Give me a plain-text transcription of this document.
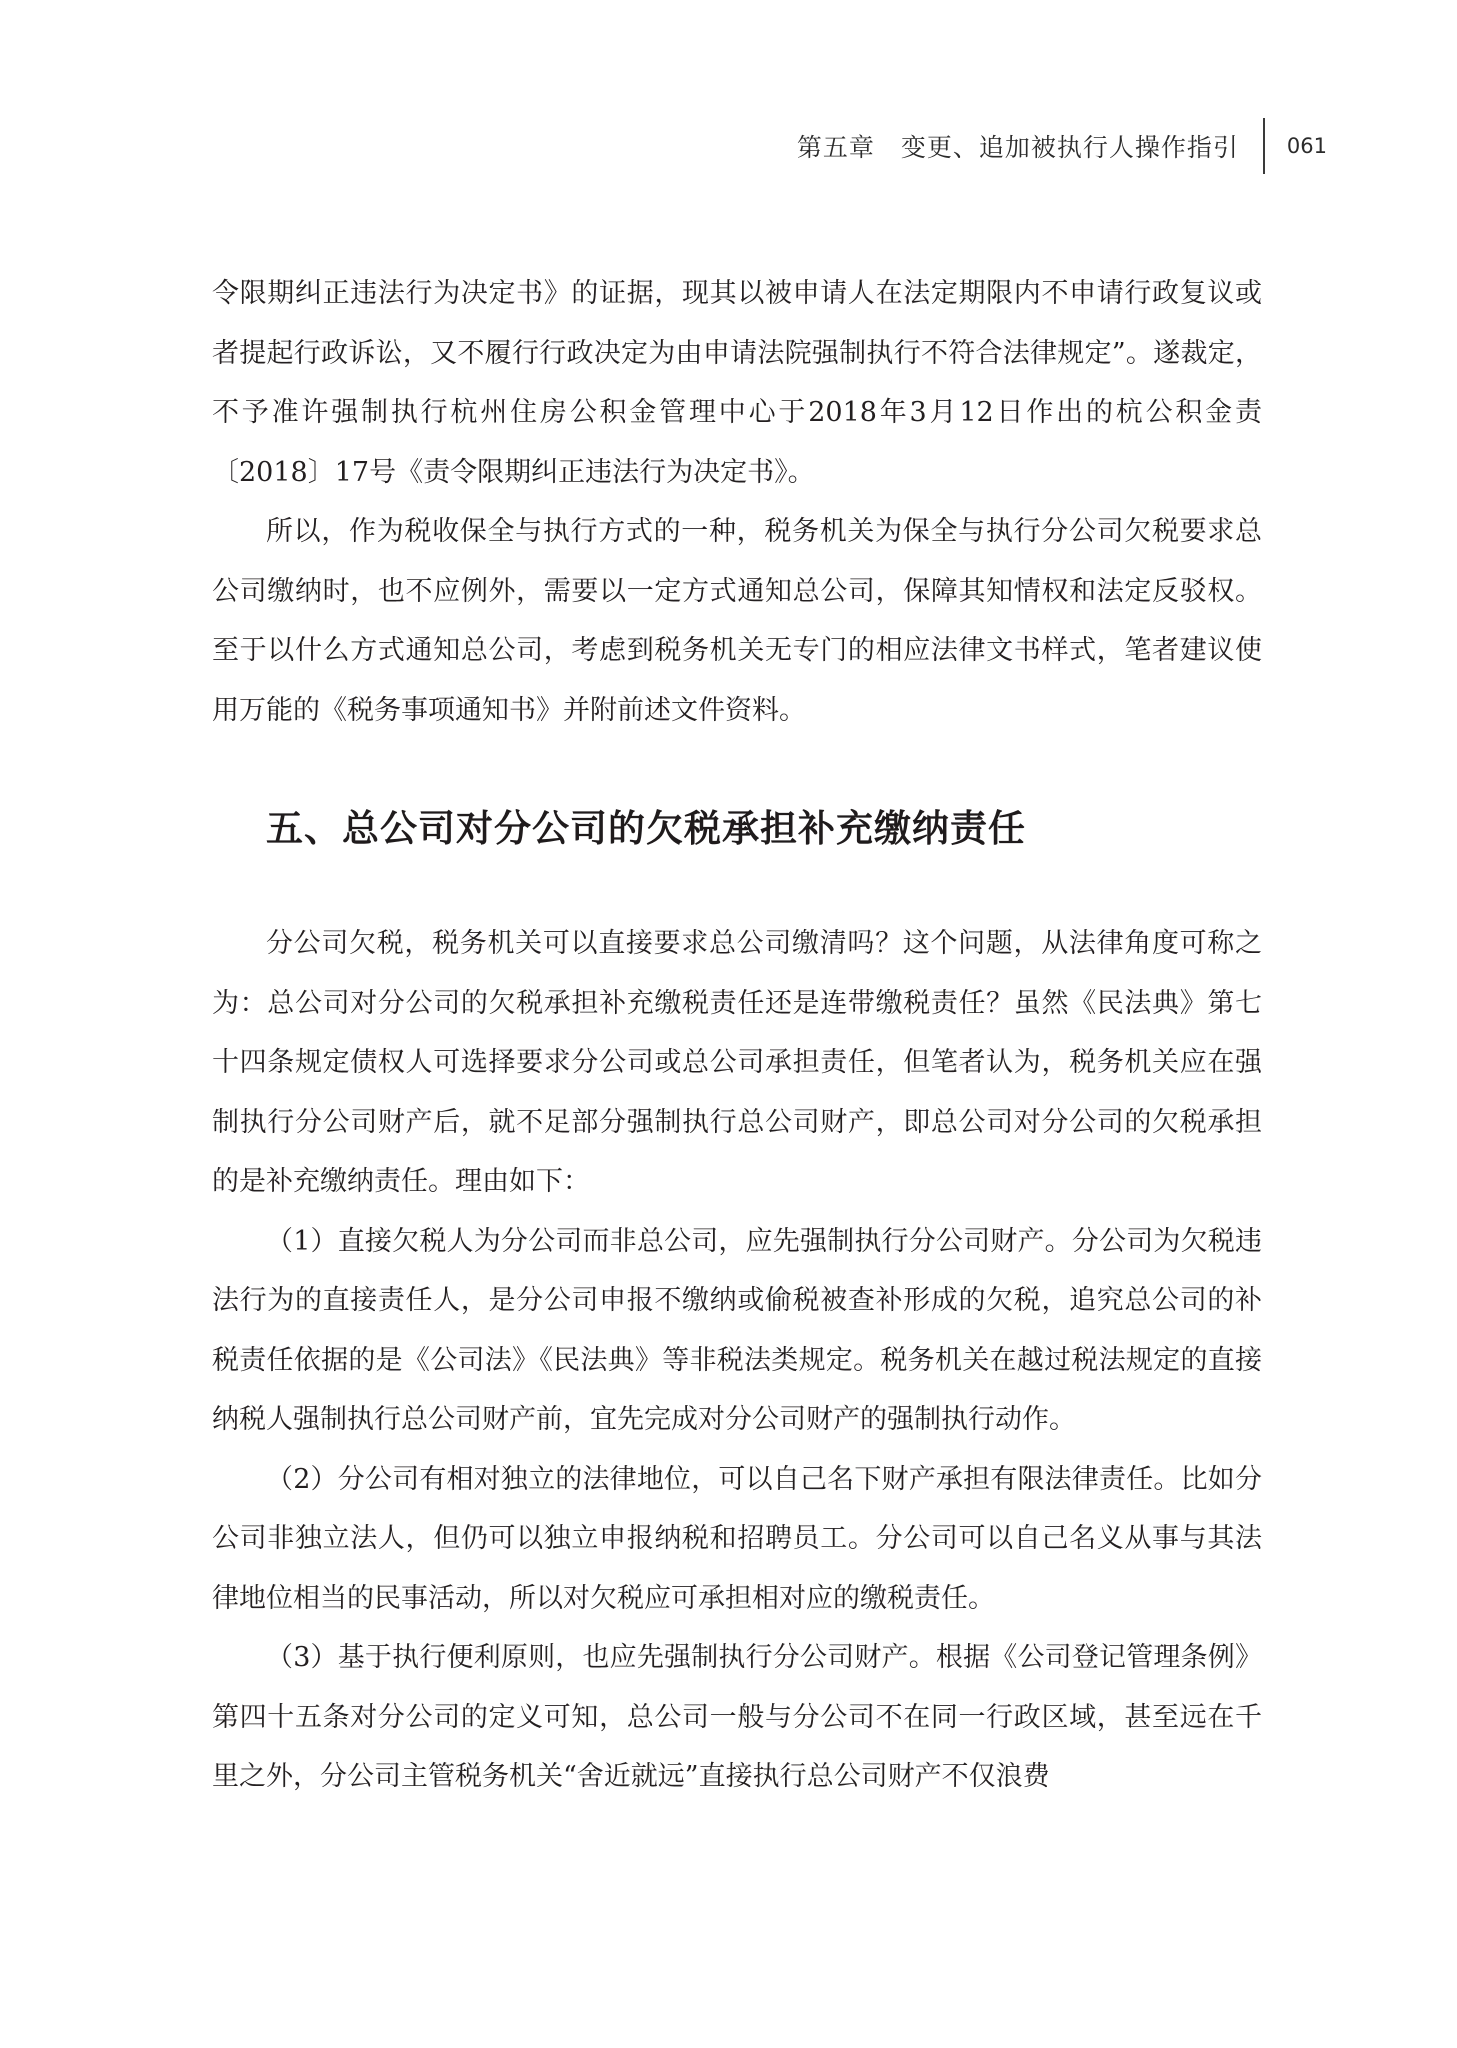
第五章　变更、追加被执行人操作指引	061

令限期纠正违法行为决定书》的证据，现其以被申请人在法定期限内不申请行政复议或者提起行政诉讼，又不履行行政决定为由申请法院强制执行不符合法律规定”。遂裁定，不予准许强制执行杭州住房公积金管理中心于2018年3月12日作出的杭公积金责〔2018〕17号《责令限期纠正违法行为决定书》。

所以，作为税收保全与执行方式的一种，税务机关为保全与执行分公司欠税要求总公司缴纳时，也不应例外，需要以一定方式通知总公司，保障其知情权和法定反驳权。至于以什么方式通知总公司，考虑到税务机关无专门的相应法律文书样式，笔者建议使用万能的《税务事项通知书》并附前述文件资料。

五、总公司对分公司的欠税承担补充缴纳责任

分公司欠税，税务机关可以直接要求总公司缴清吗？这个问题，从法律角度可称之为：总公司对分公司的欠税承担补充缴税责任还是连带缴税责任？虽然《民法典》第七十四条规定债权人可选择要求分公司或总公司承担责任，但笔者认为，税务机关应在强制执行分公司财产后，就不足部分强制执行总公司财产，即总公司对分公司的欠税承担的是补充缴纳责任。理由如下：

（1）直接欠税人为分公司而非总公司，应先强制执行分公司财产。分公司为欠税违法行为的直接责任人，是分公司申报不缴纳或偷税被查补形成的欠税，追究总公司的补税责任依据的是《公司法》《民法典》等非税法类规定。税务机关在越过税法规定的直接纳税人强制执行总公司财产前，宜先完成对分公司财产的强制执行动作。

（2）分公司有相对独立的法律地位，可以自己名下财产承担有限法律责任。比如分公司非独立法人，但仍可以独立申报纳税和招聘员工。分公司可以自己名义从事与其法律地位相当的民事活动，所以对欠税应可承担相对应的缴税责任。

（3）基于执行便利原则，也应先强制执行分公司财产。根据《公司登记管理条例》第四十五条对分公司的定义可知，总公司一般与分公司不在同一行政区域，甚至远在千里之外，分公司主管税务机关“舍近就远”直接执行总公司财产不仅浪费
